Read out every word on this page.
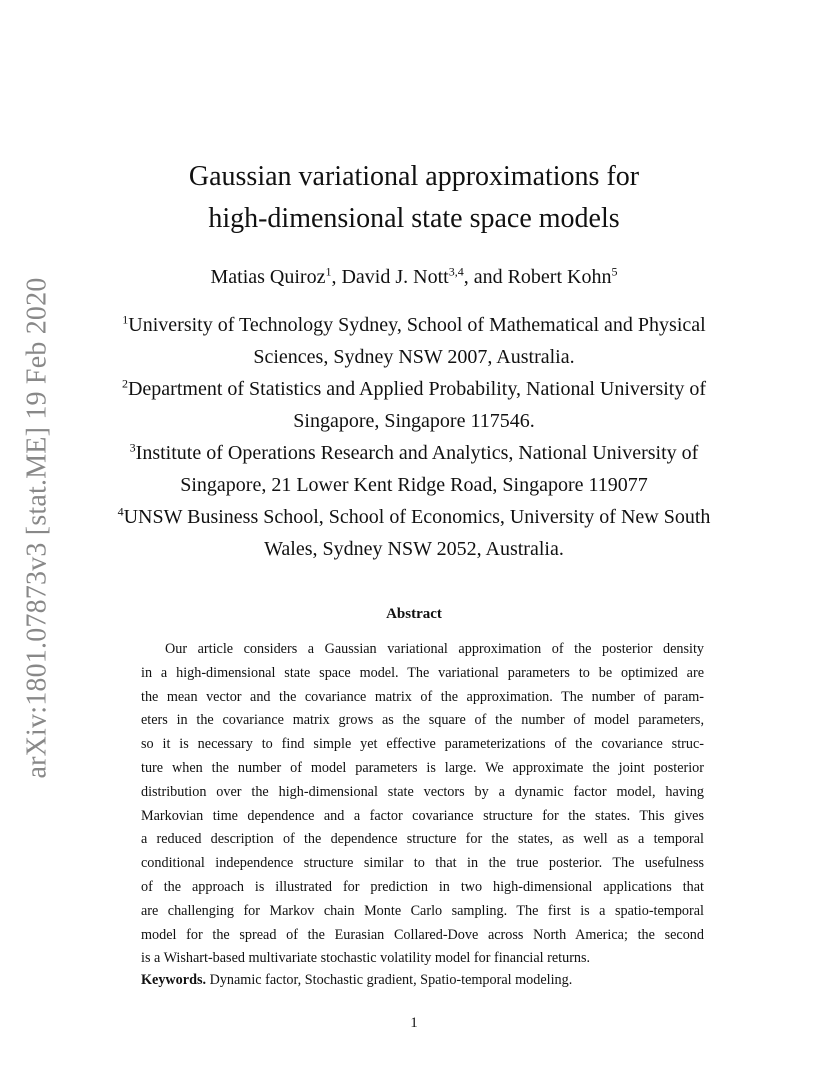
arXiv:1801.07873v3 [stat.ME] 19 Feb 2020
Gaussian variational approximations for
high-dimensional state space models
Matias Quiroz$^1$, David J. Nott$^{3,4}$, and Robert Kohn$^5$
$^1$University of Technology Sydney, School of Mathematical and Physical
Sciences, Sydney NSW 2007, Australia.
$^2$Department of Statistics and Applied Probability, National University of
Singapore, Singapore 117546.
$^3$Institute of Operations Research and Analytics, National University of
Singapore, 21 Lower Kent Ridge Road, Singapore 119077
$^4$UNSW Business School, School of Economics, University of New South
Wales, Sydney NSW 2052, Australia.
Abstract
Our article considers a Gaussian variational approximation of the posterior density
in a high-dimensional state space model. The variational parameters to be optimized are
the mean vector and the covariance matrix of the approximation. The number of param-
eters in the covariance matrix grows as the square of the number of model parameters,
so it is necessary to find simple yet effective parameterizations of the covariance struc-
ture when the number of model parameters is large. We approximate the joint posterior
distribution over the high-dimensional state vectors by a dynamic factor model, having
Markovian time dependence and a factor covariance structure for the states. This gives
a reduced description of the dependence structure for the states, as well as a temporal
conditional independence structure similar to that in the true posterior. The usefulness
of the approach is illustrated for prediction in two high-dimensional applications that
are challenging for Markov chain Monte Carlo sampling. The first is a spatio-temporal
model for the spread of the Eurasian Collared-Dove across North America; the second
is a Wishart-based multivariate stochastic volatility model for financial returns.
Keywords. Dynamic factor, Stochastic gradient, Spatio-temporal modeling.
1
